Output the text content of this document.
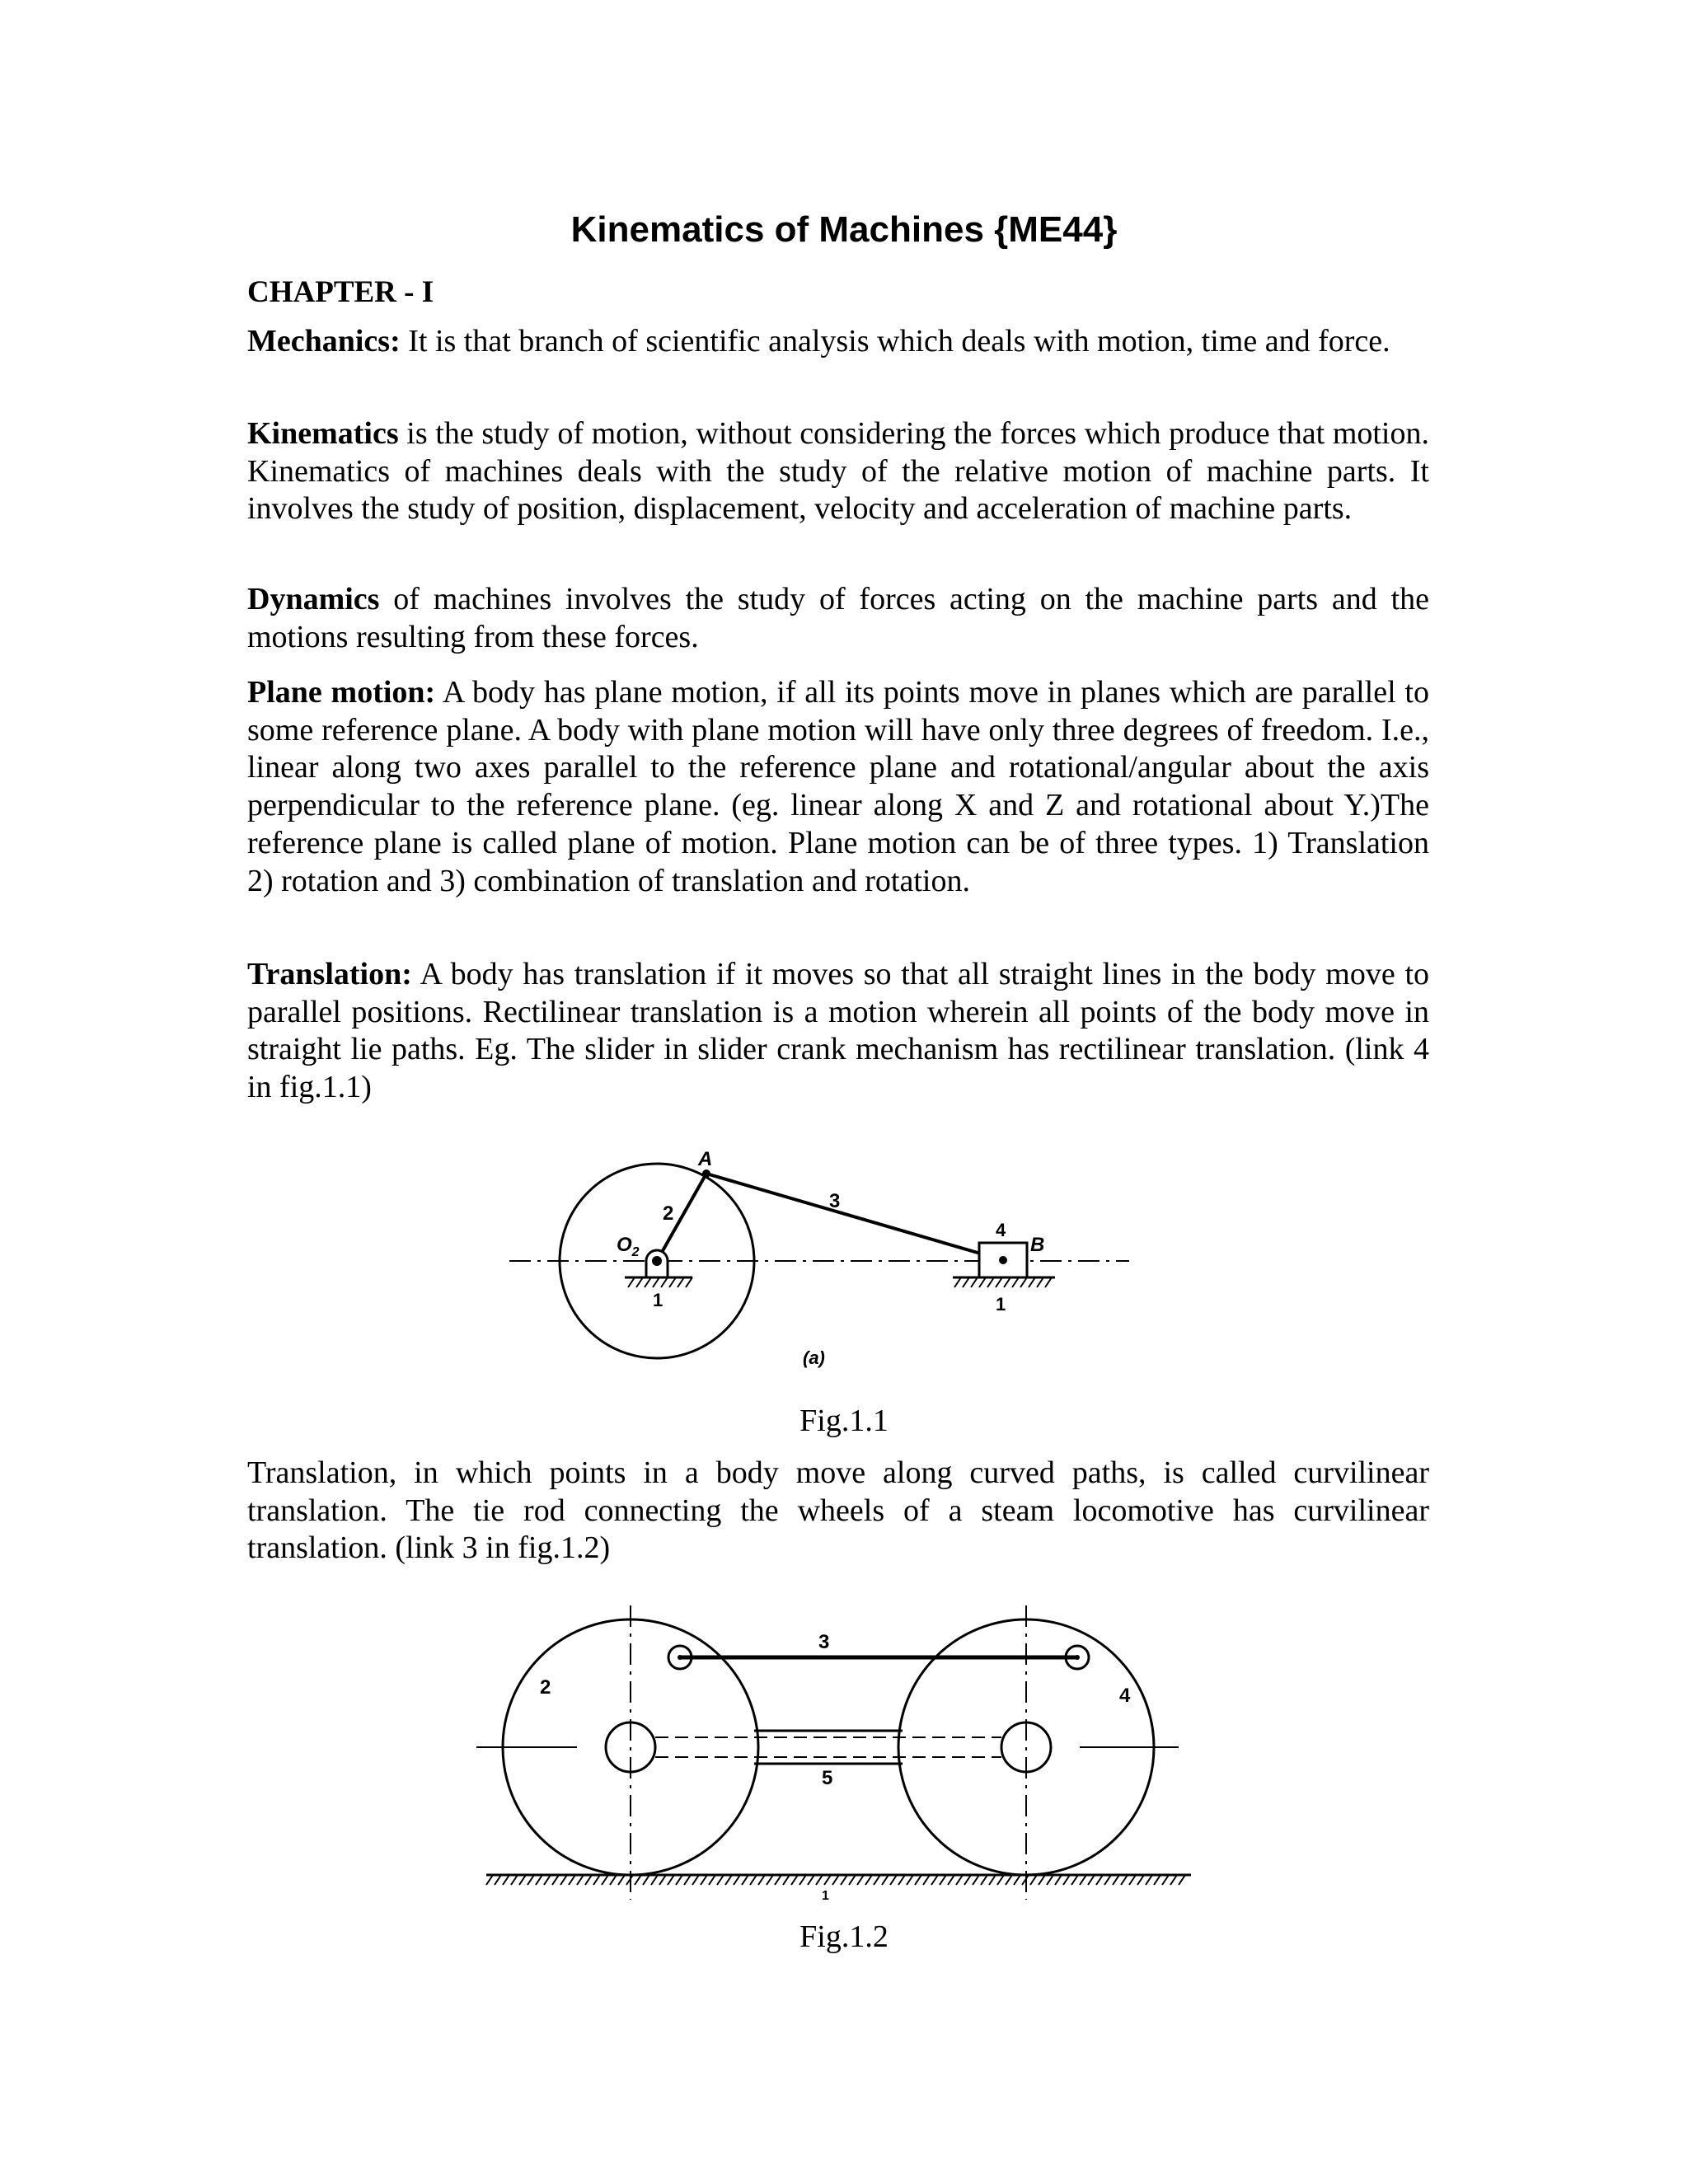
Kinematics of Machines {ME44}
CHAPTER - I

Mechanics: It is that branch of scientific analysis which deals with motion, time and force.

Kinematics is the study of motion, without considering the forces which produce that motion. Kinematics of machines deals with the study of the relative motion of machine parts. It involves the study of position, displacement, velocity and acceleration of machine parts.

Dynamics of machines involves the study of forces acting on the machine parts and the motions resulting from these forces.

Plane motion: A body has plane motion, if all its points move in planes which are parallel to some reference plane. A body with plane motion will have only three degrees of freedom. I.e., linear along two axes parallel to the reference plane and rotational/angular about the axis perpendicular to the reference plane. (eg. linear along X and Z and rotational about Y.)The reference plane is called plane of motion. Plane motion can be of three types. 1) Translation 2) rotation and 3) combination of translation and rotation.

Translation: A body has translation if it moves so that all straight lines in the body move to parallel positions. Rectilinear translation is a motion wherein all points of the body move in straight lie paths. Eg. The slider in slider crank mechanism has rectilinear translation. (link 4 in fig.1.1)

A
2
3
4
B
$O_2$
1	1
(a)

Fig.1.1

Translation, in which points in a body move along curved paths, is called curvilinear translation. The tie rod connecting the wheels of a steam locomotive has curvilinear translation. (link 3 in fig.1.2)

2
3
4
5
1

Fig.1.2
